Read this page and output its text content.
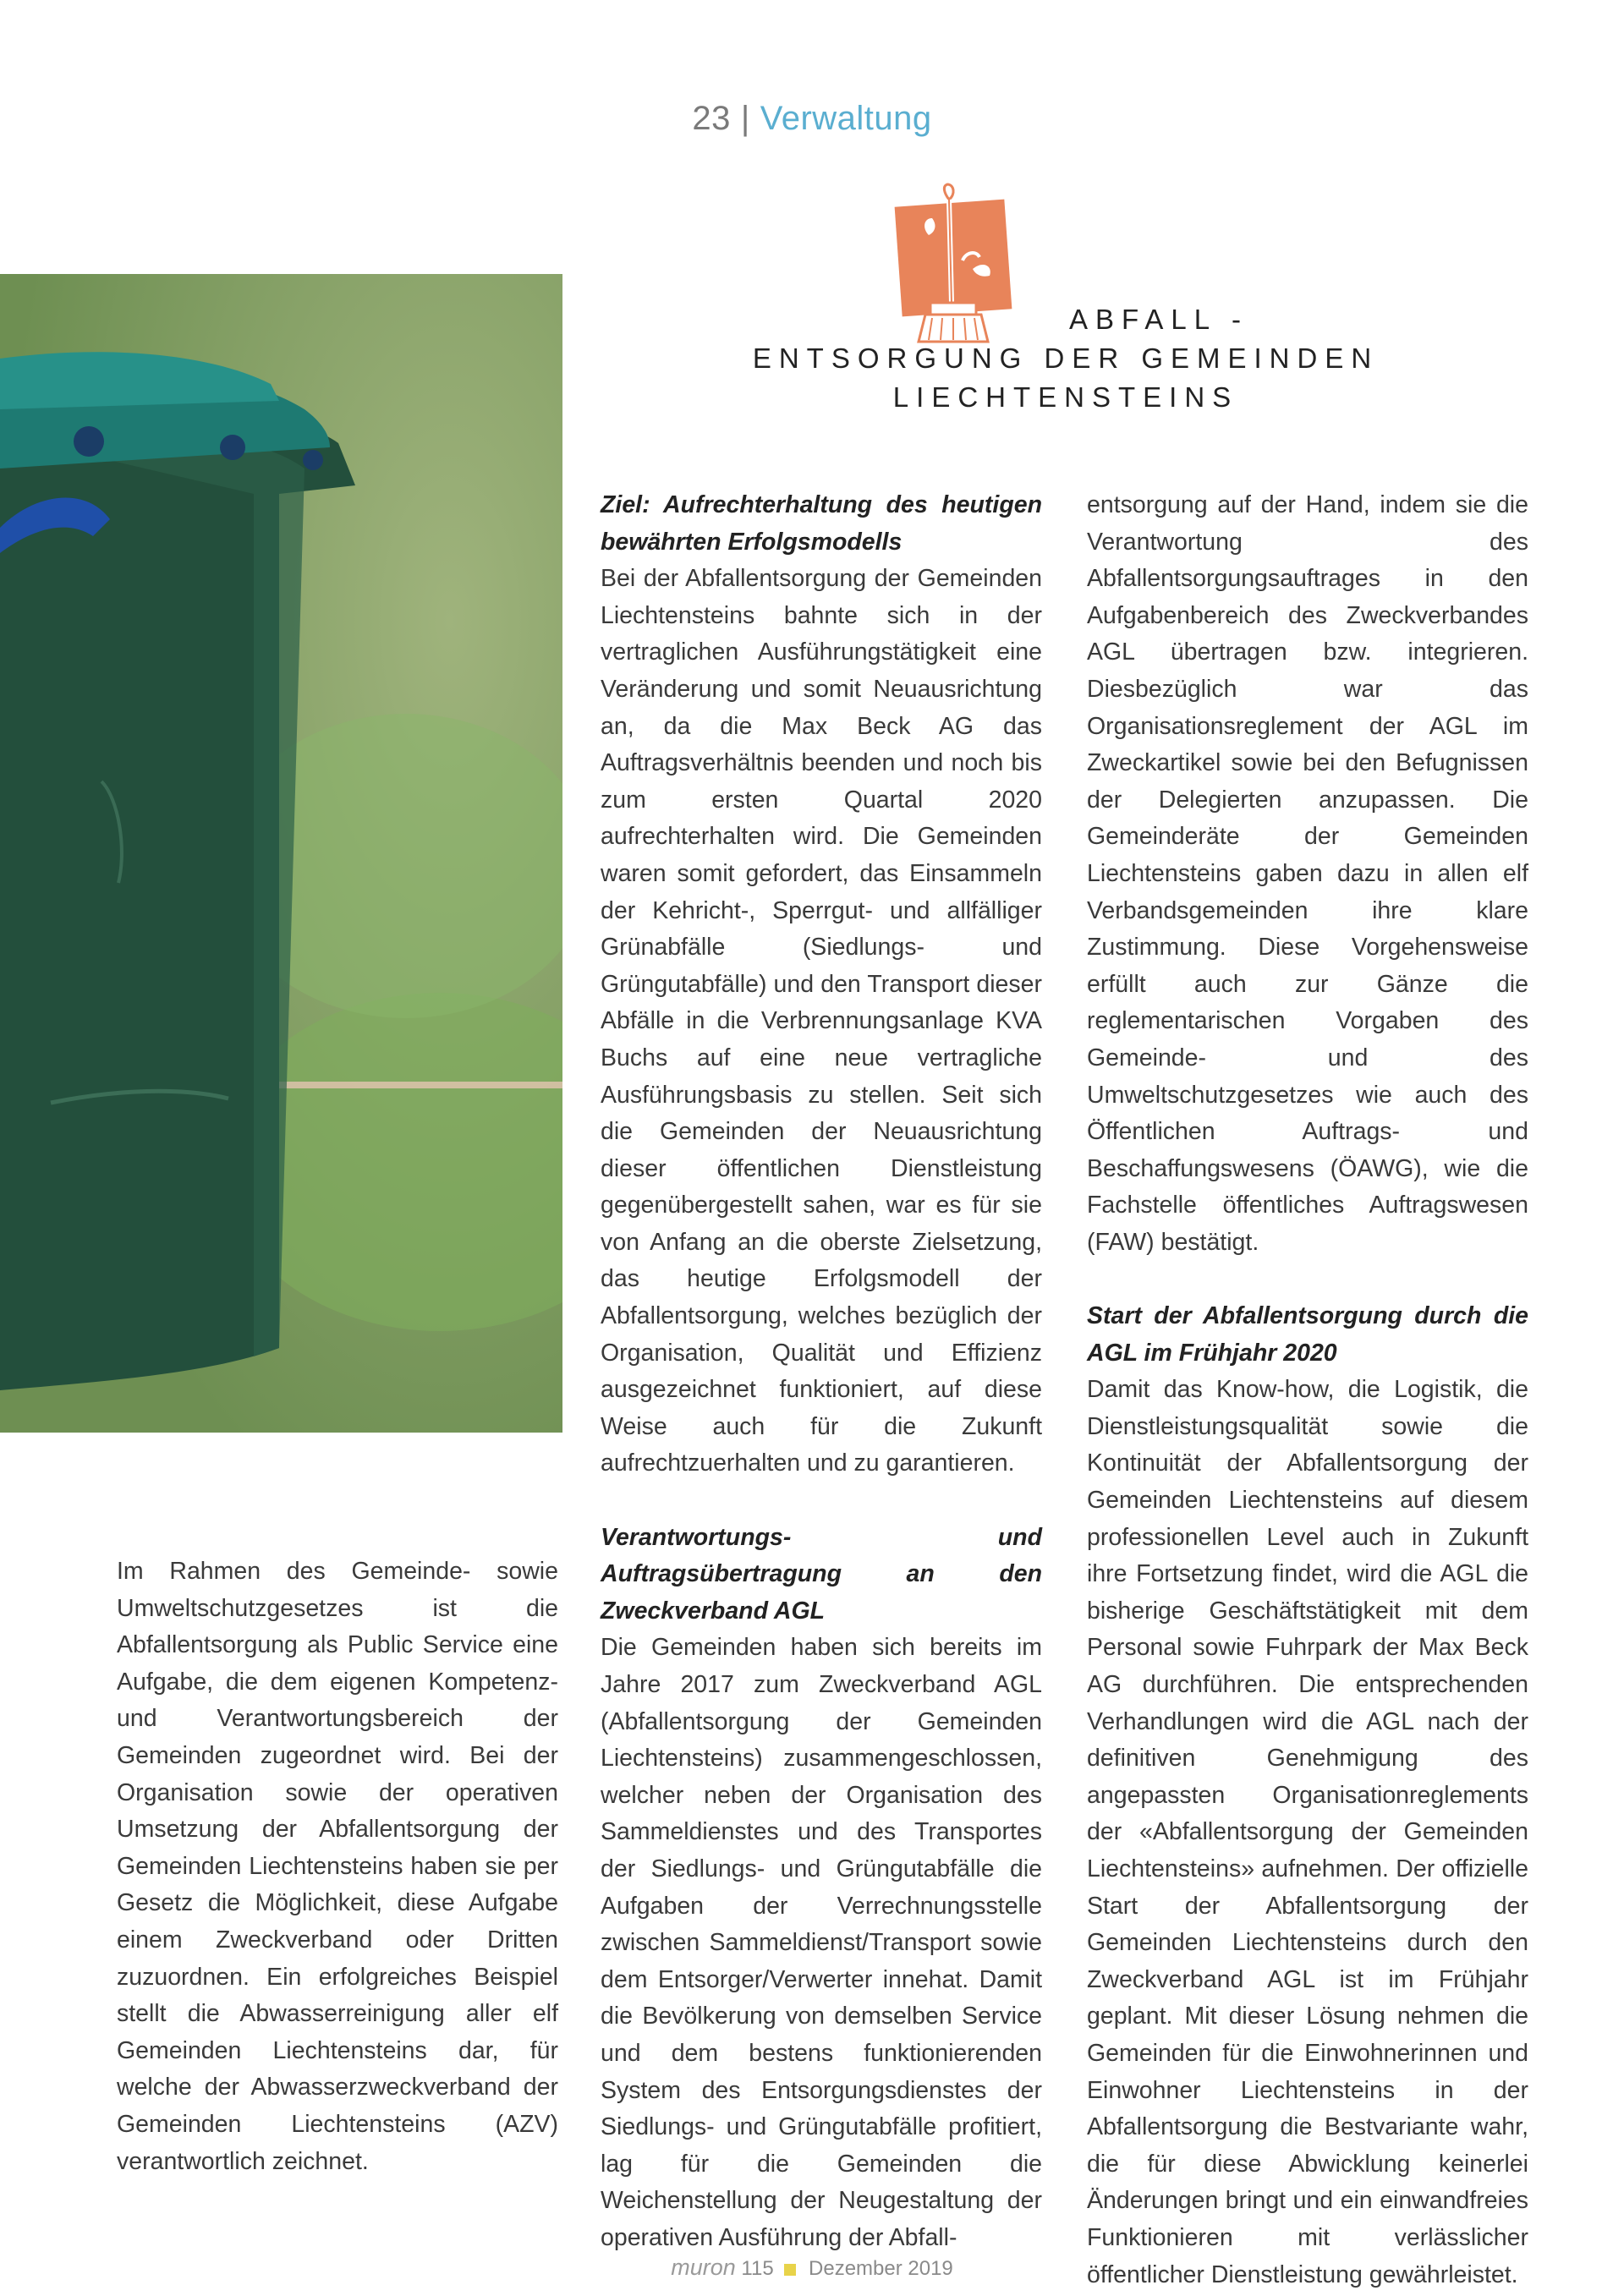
23 | Verwaltung
ABFALL -
ENTSORGUNG DER GEMEINDEN
LIECHTENSTEINS

Im Rahmen des Gemeinde- sowie Umweltschutzgesetzes ist die Abfallentsorgung als Public Service eine Aufgabe, die dem eigenen Kompetenz- und Verantwortungsbereich der Gemeinden zugeordnet wird. Bei der Organisation sowie der operativen Umsetzung der Abfallentsorgung der Gemeinden Liechtensteins haben sie per Gesetz die Möglichkeit, diese Aufgabe einem Zweckverband oder Dritten zuzuordnen. Ein erfolgreiches Beispiel stellt die Abwasserreinigung aller elf Gemeinden Liechtensteins dar, für welche der Abwasserzweckverband der Gemeinden Liechtensteins (AZV) verantwortlich zeichnet.

Ziel: Aufrechterhaltung des heutigen bewährten Erfolgsmodells

Bei der Abfallentsorgung der Gemeinden Liechtensteins bahnte sich in der vertraglichen Ausführungstätigkeit eine Veränderung und somit Neuausrichtung an, da die Max Beck AG das Auftragsverhältnis beenden und noch bis zum ersten Quartal 2020 aufrechterhalten wird. Die Gemeinden waren somit gefordert, das Einsammeln der Kehricht-, Sperrgut- und allfälliger Grünabfälle (Siedlungs- und Grüngutabfälle) und den Transport dieser Abfälle in die Verbrennungsanlage KVA Buchs auf eine neue vertragliche Ausführungsbasis zu stellen. Seit sich die Gemeinden der Neuausrichtung dieser öffentlichen Dienstleistung gegenübergestellt sahen, war es für sie von Anfang an die oberste Zielsetzung, das heutige Erfolgsmodell der Abfallentsorgung, welches bezüglich der Organisation, Qualität und Effizienz ausgezeichnet funktioniert, auf diese Weise auch für die Zukunft aufrechtzuerhalten und zu garantieren.

Verantwortungs- und Auftragsübertragung an den Zweckverband AGL

Die Gemeinden haben sich bereits im Jahre 2017 zum Zweckverband AGL (Abfallentsorgung der Gemeinden Liechtensteins) zusammengeschlossen, welcher neben der Organisation des Sammeldienstes und des Transportes der Siedlungs- und Grüngutabfälle die Aufgaben der Verrechnungsstelle zwischen Sammeldienst/Transport sowie dem Entsorger/Verwerter innehat. Damit die Bevölkerung von demselben Service und dem bestens funktionierenden System des Entsorgungsdienstes der Siedlungs- und Grüngutabfälle profitiert, lag für die Gemeinden die Weichenstellung der Neugestaltung der operativen Ausführung der Abfall-

entsorgung auf der Hand, indem sie die Verantwortung des Abfallentsorgungsauftrages in den Aufgabenbereich des Zweckverbandes AGL übertragen bzw. integrieren. Diesbezüglich war das Organisationsreglement der AGL im Zweckartikel sowie bei den Befugnissen der Delegierten anzupassen. Die Gemeinderäte der Gemeinden Liechtensteins gaben dazu in allen elf Verbandsgemeinden ihre klare Zustimmung. Diese Vorgehensweise erfüllt auch zur Gänze die reglementarischen Vorgaben des Gemeinde- und des Umweltschutzgesetzes wie auch des Öffentlichen Auftrags- und Beschaffungswesens (ÖAWG), wie die Fachstelle öffentliches Auftragswesen (FAW) bestätigt.

Start der Abfallentsorgung durch die AGL im Frühjahr 2020

Damit das Know-how, die Logistik, die Dienstleistungsqualität sowie die Kontinuität der Abfallentsorgung der Gemeinden Liechtensteins auf diesem professionellen Level auch in Zukunft ihre Fortsetzung findet, wird die AGL die bisherige Geschäftstätigkeit mit dem Personal sowie Fuhrpark der Max Beck AG durchführen. Die entsprechenden Verhandlungen wird die AGL nach der definitiven Genehmigung des angepassten Organisationreglements der «Abfallentsorgung der Gemeinden Liechtensteins» aufnehmen. Der offizielle Start der Abfallentsorgung der Gemeinden Liechtensteins durch den Zweckverband AGL ist im Frühjahr geplant. Mit dieser Lösung nehmen die Gemeinden für die Einwohnerinnen und Einwohner Liechtensteins in der Abfallentsorgung die Bestvariante wahr, die für diese Abwicklung keinerlei Änderungen bringt und ein einwandfreies Funktionieren mit verlässlicher öffentlicher Dienstleistung gewährleistet.

muron 115 Dezember 2019
